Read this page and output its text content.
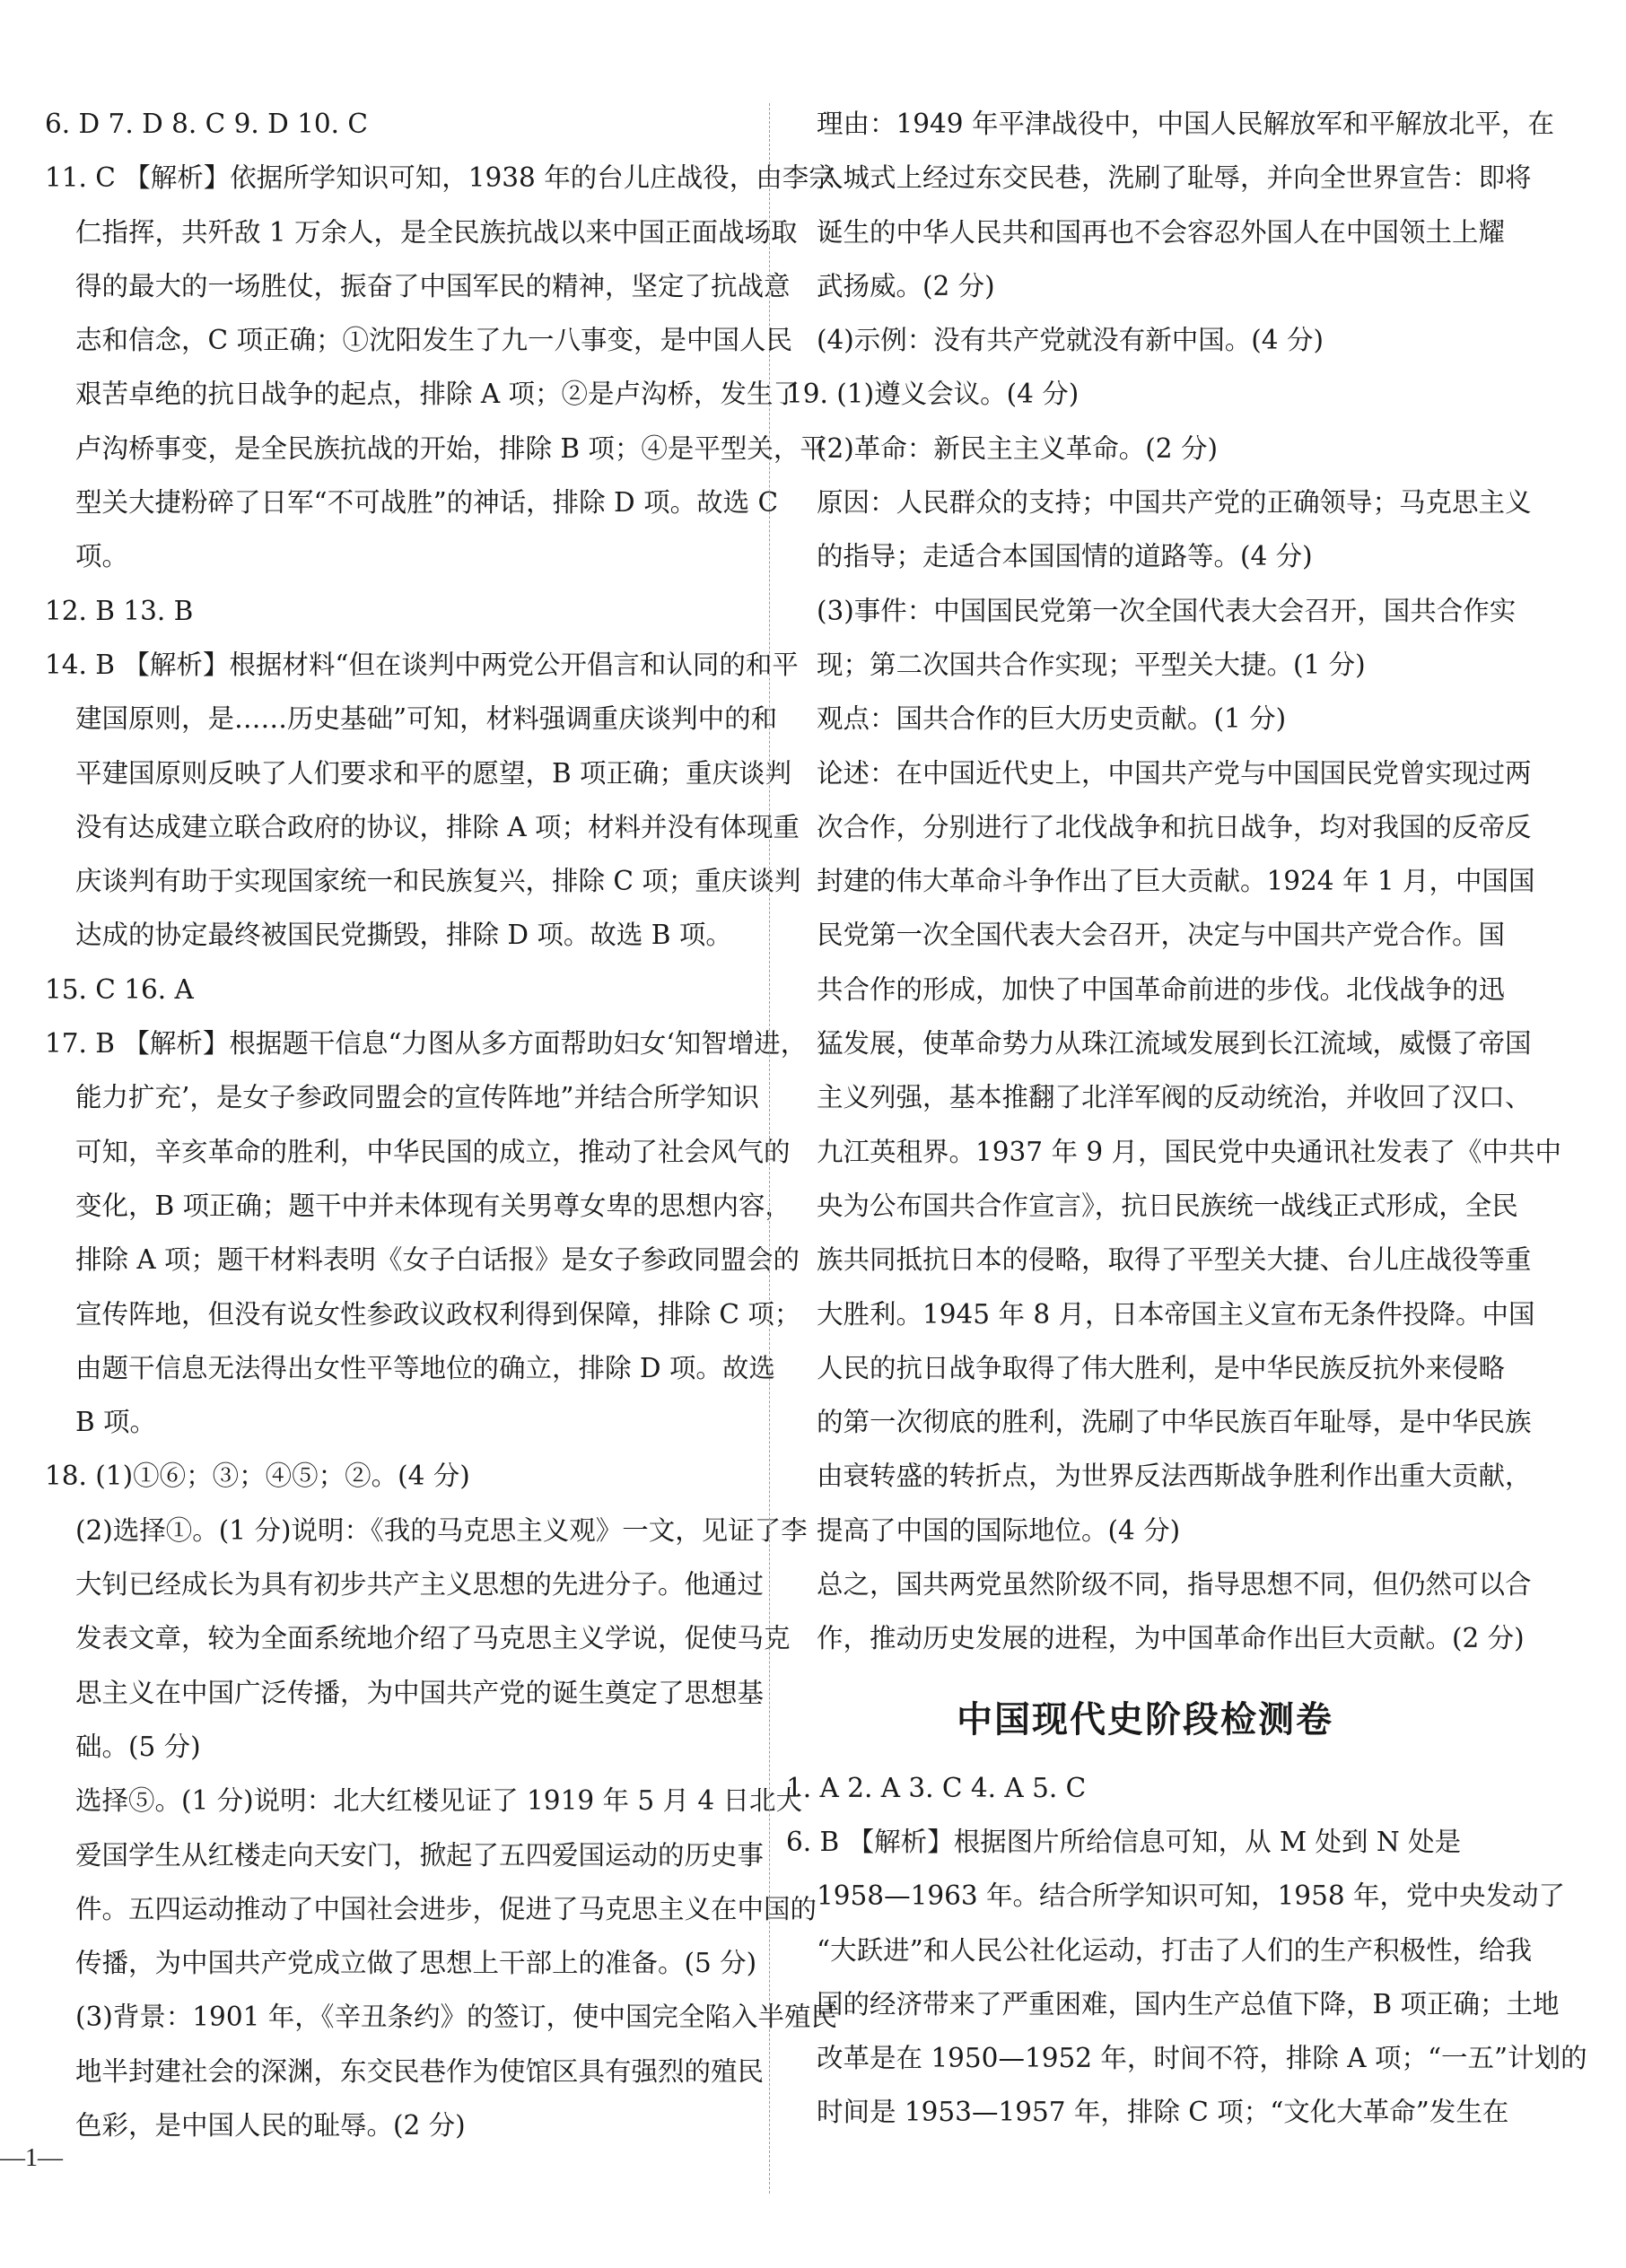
6. D 7. D 8. C 9. D 10. C
11. C 【解析】依据所学知识可知，1938 年的台儿庄战役，由李宗
仁指挥，共歼敌 1 万余人，是全民族抗战以来中国正面战场取
得的最大的一场胜仗，振奋了中国军民的精神，坚定了抗战意
志和信念，C 项正确；①沈阳发生了九一八事变，是中国人民
艰苦卓绝的抗日战争的起点，排除 A 项；②是卢沟桥，发生了
卢沟桥事变，是全民族抗战的开始，排除 B 项；④是平型关，平
型关大捷粉碎了日军“不可战胜”的神话，排除 D 项。故选 C
项。
12. B 13. B
14. B 【解析】根据材料“但在谈判中两党公开倡言和认同的和平
建国原则，是……历史基础”可知，材料强调重庆谈判中的和
平建国原则反映了人们要求和平的愿望，B 项正确；重庆谈判
没有达成建立联合政府的协议，排除 A 项；材料并没有体现重
庆谈判有助于实现国家统一和民族复兴，排除 C 项；重庆谈判
达成的协定最终被国民党撕毁，排除 D 项。故选 B 项。
15. C 16. A
17. B 【解析】根据题干信息“力图从多方面帮助妇女‘知智增进，
能力扩充’，是女子参政同盟会的宣传阵地”并结合所学知识
可知，辛亥革命的胜利，中华民国的成立，推动了社会风气的
变化，B 项正确；题干中并未体现有关男尊女卑的思想内容，
排除 A 项；题干材料表明《女子白话报》是女子参政同盟会的
宣传阵地，但没有说女性参政议政权利得到保障，排除 C 项；
由题干信息无法得出女性平等地位的确立，排除 D 项。故选
B 项。
18. (1)①⑥；③；④⑤；②。(4 分)
(2)选择①。(1 分)说明：《我的马克思主义观》一文，见证了李
大钊已经成长为具有初步共产主义思想的先进分子。他通过
发表文章，较为全面系统地介绍了马克思主义学说，促使马克
思主义在中国广泛传播，为中国共产党的诞生奠定了思想基
础。(5 分)
选择⑤。(1 分)说明：北大红楼见证了 1919 年 5 月 4 日北大
爱国学生从红楼走向天安门，掀起了五四爱国运动的历史事
件。五四运动推动了中国社会进步，促进了马克思主义在中国的
传播，为中国共产党成立做了思想上干部上的准备。(5 分)
(3)背景：1901 年，《辛丑条约》的签订，使中国完全陷入半殖民
地半封建社会的深渊，东交民巷作为使馆区具有强烈的殖民
色彩，是中国人民的耻辱。(2 分)
理由：1949 年平津战役中，中国人民解放军和平解放北平，在
入城式上经过东交民巷，洗刷了耻辱，并向全世界宣告：即将
诞生的中华人民共和国再也不会容忍外国人在中国领土上耀
武扬威。(2 分)
(4)示例：没有共产党就没有新中国。(4 分)
19. (1)遵义会议。(4 分)
(2)革命：新民主主义革命。(2 分)
原因：人民群众的支持；中国共产党的正确领导；马克思主义
的指导；走适合本国国情的道路等。(4 分)
(3)事件：中国国民党第一次全国代表大会召开，国共合作实
现；第二次国共合作实现；平型关大捷。(1 分)
观点：国共合作的巨大历史贡献。(1 分)
论述：在中国近代史上，中国共产党与中国国民党曾实现过两
次合作，分别进行了北伐战争和抗日战争，均对我国的反帝反
封建的伟大革命斗争作出了巨大贡献。1924 年 1 月，中国国
民党第一次全国代表大会召开，决定与中国共产党合作。国
共合作的形成，加快了中国革命前进的步伐。北伐战争的迅
猛发展，使革命势力从珠江流域发展到长江流域，威慑了帝国
主义列强，基本推翻了北洋军阀的反动统治，并收回了汉口、
九江英租界。1937 年 9 月，国民党中央通讯社发表了《中共中
央为公布国共合作宣言》，抗日民族统一战线正式形成，全民
族共同抵抗日本的侵略，取得了平型关大捷、台儿庄战役等重
大胜利。1945 年 8 月，日本帝国主义宣布无条件投降。中国
人民的抗日战争取得了伟大胜利，是中华民族反抗外来侵略
的第一次彻底的胜利，洗刷了中华民族百年耻辱，是中华民族
由衰转盛的转折点，为世界反法西斯战争胜利作出重大贡献，
提高了中国的国际地位。(4 分)
总之，国共两党虽然阶级不同，指导思想不同，但仍然可以合
作，推动历史发展的进程，为中国革命作出巨大贡献。(2 分)
中国现代史阶段检测卷
1. A 2. A 3. C 4. A 5. C
6. B 【解析】根据图片所给信息可知，从 M 处到 N 处是
1958—1963 年。结合所学知识可知，1958 年，党中央发动了
“大跃进”和人民公社化运动，打击了人们的生产积极性，给我
国的经济带来了严重困难，国内生产总值下降，B 项正确；土地
改革是在 1950—1952 年，时间不符，排除 A 项；“一五”计划的
时间是 1953—1957 年，排除 C 项；“文化大革命”发生在
—1—
